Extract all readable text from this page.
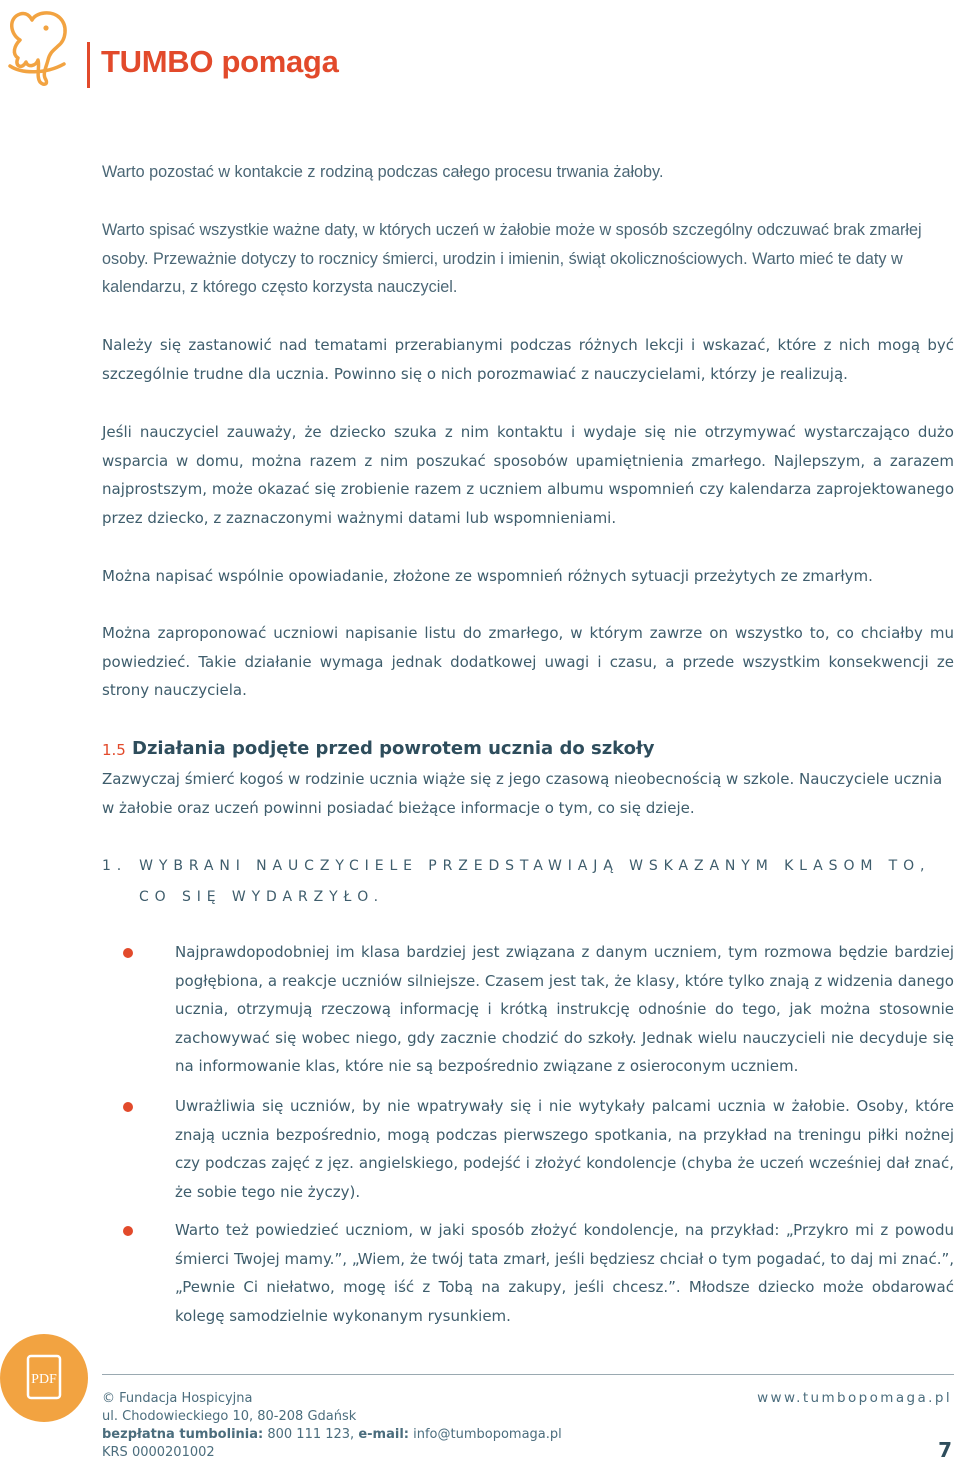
TUMBO pomaga

Warto pozostać w kontakcie z rodziną podczas całego procesu trwania żałoby.

Warto spisać wszystkie ważne daty, w których uczeń w żałobie może w sposób szczególny odczuwać brak zmarłej osoby. Przeważnie dotyczy to rocznicy śmierci, urodzin i imienin, świąt okolicznościowych. Warto mieć te daty w kalendarzu, z którego często korzysta nauczyciel.

Należy się zastanowić nad tematami przerabianymi podczas różnych lekcji i wskazać, które z nich mogą być szczególnie trudne dla ucznia. Powinno się o nich porozmawiać z nauczycielami, którzy je realizują.

Jeśli nauczyciel zauważy, że dziecko szuka z nim kontaktu i wydaje się nie otrzymywać wystarczająco dużo wsparcia w domu, można razem z nim poszukać sposobów upamiętnienia zmarłego. Najlepszym, a zarazem najprostszym, może okazać się zrobienie razem z uczniem albumu wspomnień czy kalendarza zaprojektowanego przez dziecko, z zaznaczonymi ważnymi datami lub wspomnieniami.

Można napisać wspólnie opowiadanie, złożone ze wspomnień różnych sytuacji przeżytych ze zmarłym.

Można zaproponować uczniowi napisanie listu do zmarłego, w którym zawrze on wszystko to, co chciałby mu powiedzieć. Takie działanie wymaga jednak dodatkowej uwagi i czasu, a przede wszystkim konsekwencji ze strony nauczyciela.

1.5 Działania podjęte przed powrotem ucznia do szkoły

Zazwyczaj śmierć kogoś w rodzinie ucznia wiąże się z jego czasową nieobecnością w szkole. Nauczyciele ucznia w żałobie oraz uczeń powinni posiadać bieżące informacje o tym, co się dzieje.

1. WYBRANI NAUCZYCIELE PRZEDSTAWIAJĄ WSKAZANYM KLASOM TO,
CO SIĘ WYDARZYŁO.

Najprawdopodobniej im klasa bardziej jest związana z danym uczniem, tym rozmowa będzie bardziej pogłębiona, a reakcje uczniów silniejsze. Czasem jest tak, że klasy, które tylko znają z widzenia danego ucznia, otrzymują rzeczową informację i krótką instrukcję odnośnie do tego, jak można stosownie zachowywać się wobec niego, gdy zacznie chodzić do szkoły. Jednak wielu nauczycieli nie decyduje się na informowanie klas, które nie są bezpośrednio związane z osieroconym uczniem.

Uwrażliwia się uczniów, by nie wpatrywały się i nie wytykały palcami ucznia w żałobie. Osoby, które znają ucznia bezpośrednio, mogą podczas pierwszego spotkania, na przykład na treningu piłki nożnej czy podczas zajęć z jęz. angielskiego, podejść i złożyć kondolencje (chyba że uczeń wcześniej dał znać, że sobie tego nie życzy).

Warto też powiedzieć uczniom, w jaki sposób złożyć kondolencje, na przykład: „Przykro mi z powodu śmierci Twojej mamy.”, „Wiem, że twój tata zmarł, jeśli będziesz chciał o tym pogadać, to daj mi znać.”, „Pewnie Ci niełatwo, mogę iść z Tobą na zakupy, jeśli chcesz.”. Młodsze dziecko może obdarować kolegę samodzielnie wykonanym rysunkiem.

PDF
© Fundacja Hospicyjna
ul. Chodowieckiego 10, 80-208 Gdańsk
bezpłatna tumbolinia: 800 111 123, e-mail: info@tumbopomaga.pl
KRS 0000201002
www.tumbopomaga.pl
7
